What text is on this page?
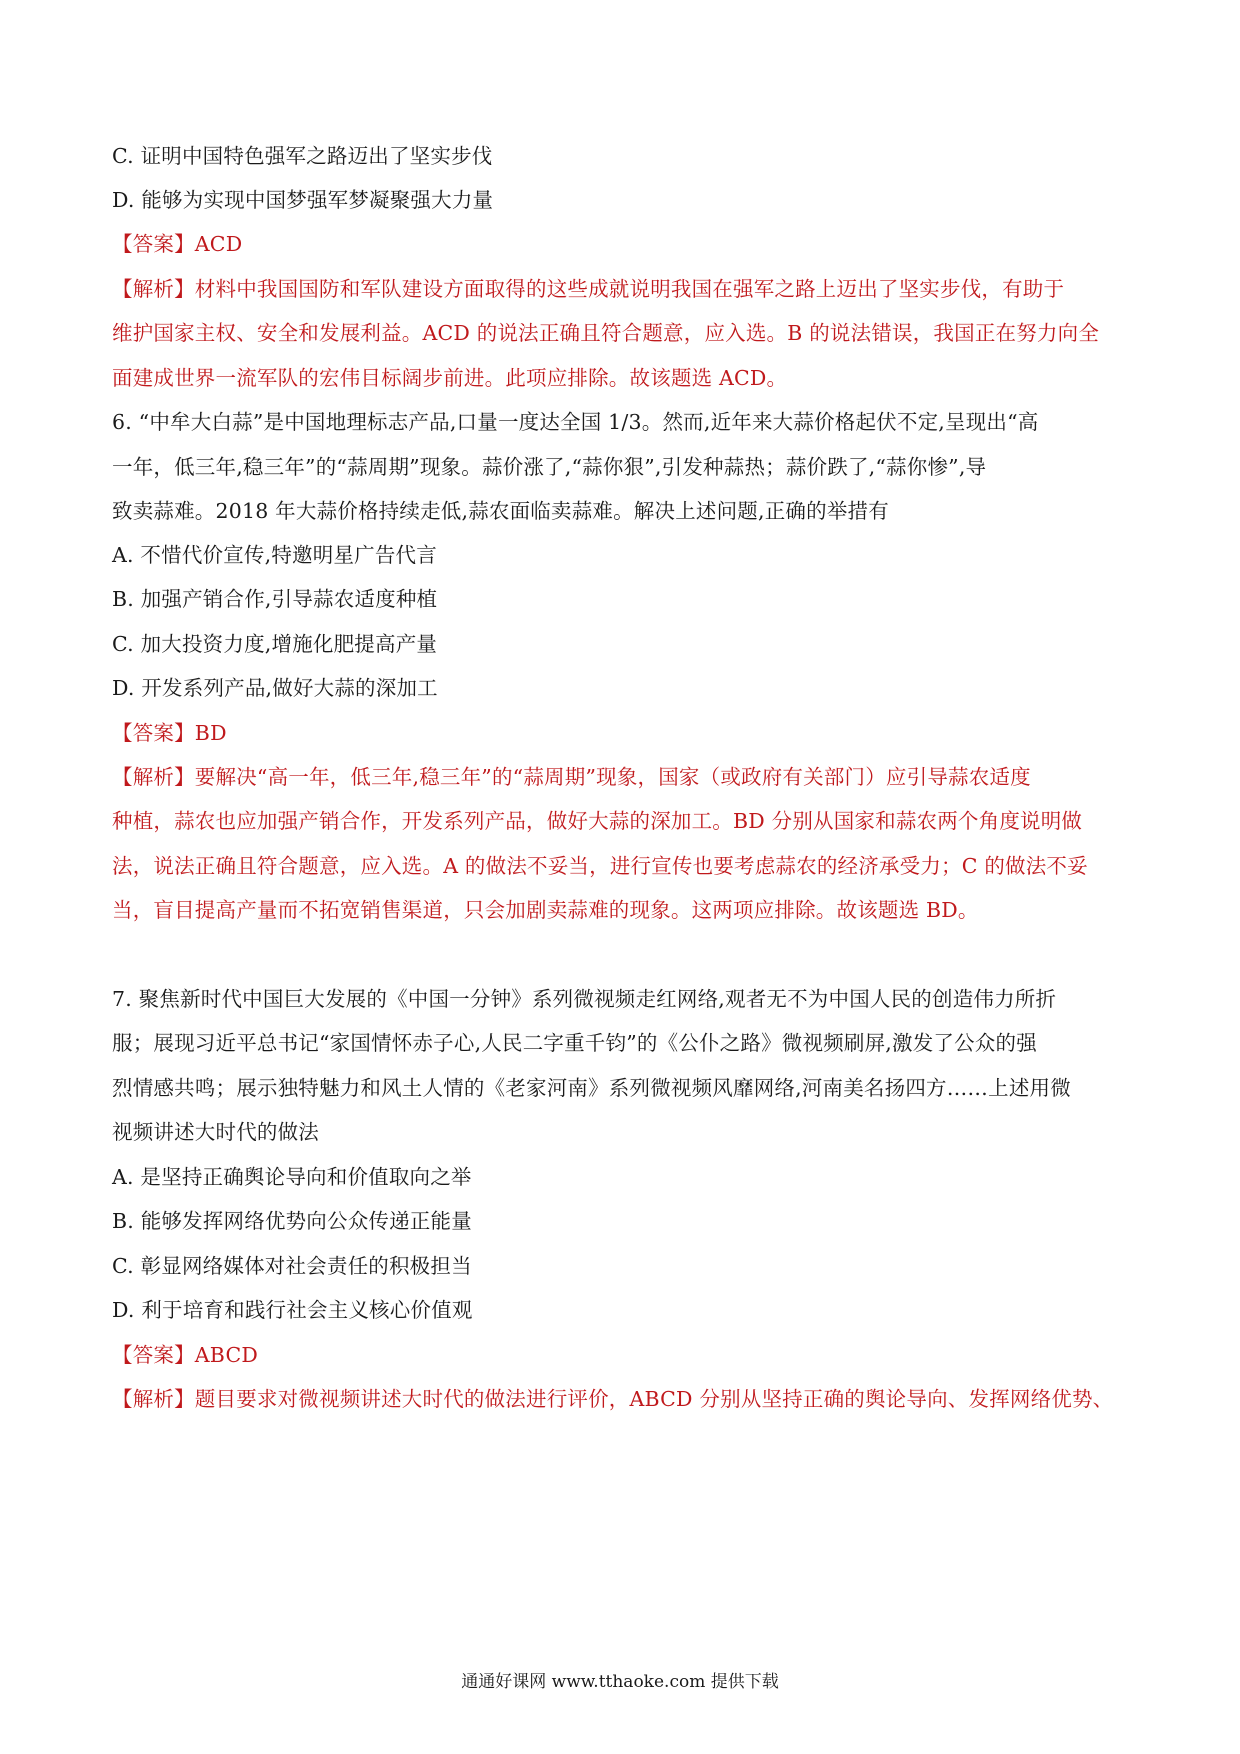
C. 证明中国特色强军之路迈出了坚实步伐
D. 能够为实现中国梦强军梦凝聚强大力量
【答案】ACD
【解析】材料中我国国防和军队建设方面取得的这些成就说明我国在强军之路上迈出了坚实步伐，有助于
维护国家主权、安全和发展利益。ACD 的说法正确且符合题意，应入选。B 的说法错误，我国正在努力向全
面建成世界一流军队的宏伟目标阔步前进。此项应排除。故该题选 ACD。
6. “中牟大白蒜”是中国地理标志产品,口量一度达全国 1/3。然而,近年来大蒜价格起伏不定,呈现出“高
一年，低三年,稳三年”的“蒜周期”现象。蒜价涨了,“蒜你狠”,引发种蒜热；蒜价跌了,“蒜你惨”,导
致卖蒜难。2018 年大蒜价格持续走低,蒜农面临卖蒜难。解决上述问题,正确的举措有
A. 不惜代价宣传,特邀明星广告代言
B. 加强产销合作,引导蒜农适度种植
C. 加大投资力度,增施化肥提高产量
D. 开发系列产品,做好大蒜的深加工
【答案】BD
【解析】要解决“高一年，低三年,稳三年”的“蒜周期”现象，国家（或政府有关部门）应引导蒜农适度
种植，蒜农也应加强产销合作，开发系列产品，做好大蒜的深加工。BD 分别从国家和蒜农两个角度说明做
法，说法正确且符合题意，应入选。A 的做法不妥当，进行宣传也要考虑蒜农的经济承受力；C 的做法不妥
当，盲目提高产量而不拓宽销售渠道，只会加剧卖蒜难的现象。这两项应排除。故该题选 BD。
7. 聚焦新时代中国巨大发展的《中国一分钟》系列微视频走红网络,观者无不为中国人民的创造伟力所折
服；展现习近平总书记“家国情怀赤子心,人民二字重千钧”的《公仆之路》微视频刷屏,激发了公众的强
烈情感共鸣；展示独特魅力和风土人情的《老家河南》系列微视频风靡网络,河南美名扬四方……上述用微
视频讲述大时代的做法
A. 是坚持正确舆论导向和价值取向之举
B. 能够发挥网络优势向公众传递正能量
C. 彰显网络媒体对社会责任的积极担当
D. 利于培育和践行社会主义核心价值观
【答案】ABCD
【解析】题目要求对微视频讲述大时代的做法进行评价，ABCD 分别从坚持正确的舆论导向、发挥网络优势、
通通好课网 www.tthaoke.com 提供下载
